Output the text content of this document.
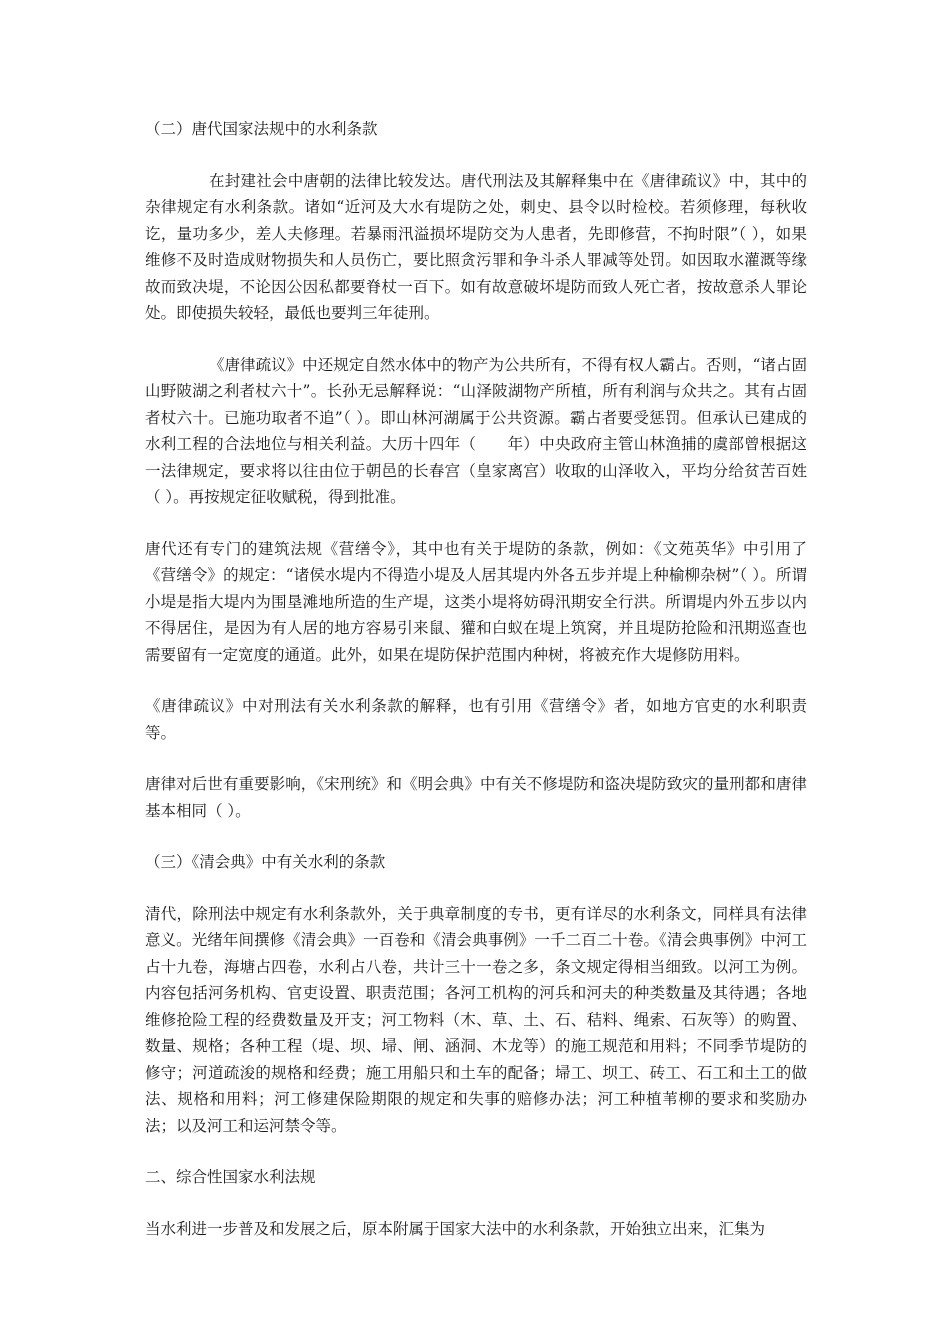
（二）唐代国家法规中的水利条款
在封建社会中唐朝的法律比较发达。唐代刑法及其解释集中在《唐律疏议》中，其中的杂律规定有水利条款。诸如“近河及大水有堤防之处，刺史、县令以时检校。若须修理，每秋收讫，量功多少，差人夫修理。若暴雨汛溢损坏堤防交为人患者，先即修营，不拘时限”（ ），如果维修不及时造成财物损失和人员伤亡，要比照贪污罪和争斗杀人罪减等处罚。如因取水灌溉等缘故而致决堤，不论因公因私都要脊杖一百下。如有故意破坏堤防而致人死亡者，按故意杀人罪论处。即使损失较轻，最低也要判三年徒刑。
《唐律疏议》中还规定自然水体中的物产为公共所有，不得有权人霸占。否则，“诸占固山野陂湖之利者杖六十”。长孙无忌解释说：“山泽陂湖物产所植，所有利润与众共之。其有占固者杖六十。已施功取者不追”（ ）。即山林河湖属于公共资源。霸占者要受惩罚。但承认已建成的水利工程的合法地位与相关利益。大历十四年（　　年）中央政府主管山林渔捕的虞部曾根据这一法律规定，要求将以往由位于朝邑的长春宫（皇家离宫）收取的山泽收入，平均分给贫苦百姓（ ）。再按规定征收赋税，得到批准。
唐代还有专门的建筑法规《营缮令》，其中也有关于堤防的条款，例如：《文苑英华》中引用了《营缮令》的规定：“诸侯水堤内不得造小堤及人居其堤内外各五步并堤上种榆柳杂树”（ ）。所谓小堤是指大堤内为围垦滩地所造的生产堤，这类小堤将妨碍汛期安全行洪。所谓堤内外五步以内不得居住，是因为有人居的地方容易引来鼠、獾和白蚁在堤上筑窝，并且堤防抢险和汛期巡查也需要留有一定宽度的通道。此外，如果在堤防保护范围内种树，将被充作大堤修防用料。
《唐律疏议》中对刑法有关水利条款的解释，也有引用《营缮令》者，如地方官吏的水利职责等。
唐律对后世有重要影响，《宋刑统》和《明会典》中有关不修堤防和盗决堤防致灾的量刑都和唐律基本相同（ ）。
（三）《清会典》中有关水利的条款
清代，除刑法中规定有水利条款外，关于典章制度的专书，更有详尽的水利条文，同样具有法律意义。光绪年间撰修《清会典》一百卷和《清会典事例》一千二百二十卷。《清会典事例》中河工占十九卷，海塘占四卷，水利占八卷，共计三十一卷之多，条文规定得相当细致。以河工为例。内容包括河务机构、官吏设置、职责范围；各河工机构的河兵和河夫的种类数量及其待遇；各地维修抢险工程的经费数量及开支；河工物料（木、草、土、石、秸料、绳索、石灰等）的购置、数量、规格；各种工程（堤、坝、埽、闸、涵洞、木龙等）的施工规范和用料；不同季节堤防的修守；河道疏浚的规格和经费；施工用船只和土车的配备；埽工、坝工、砖工、石工和土工的做法、规格和用料；河工修建保险期限的规定和失事的赔修办法；河工种植苇柳的要求和奖励办法；以及河工和运河禁令等。
二、综合性国家水利法规
当水利进一步普及和发展之后，原本附属于国家大法中的水利条款，开始独立出来，汇集为
